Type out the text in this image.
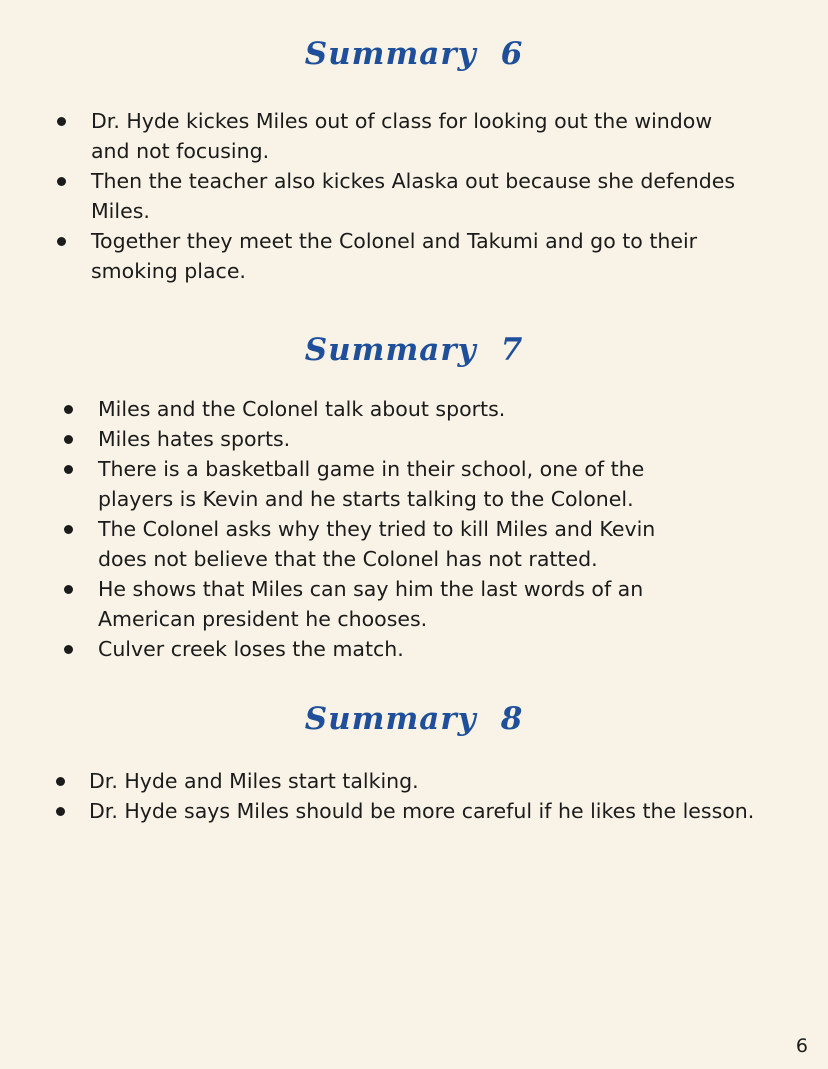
Summary 6
Dr. Hyde kickes Miles out of class for looking out the window
and not focusing.
Then the teacher also kickes Alaska out because she defendes
Miles.
Together they meet the Colonel and Takumi and go to their
smoking place.
Summary 7
Miles and the Colonel talk about sports.
Miles hates sports.
There is a basketball game in their school, one of the
players is Kevin and he starts talking to the Colonel.
The Colonel asks why they tried to kill Miles and Kevin
does not believe that the Colonel has not ratted.
He shows that Miles can say him the last words of an
American president he chooses.
Culver creek loses the match.
Summary 8
Dr. Hyde and Miles start talking.
Dr. Hyde says Miles should be more careful if he likes the lesson.
6
